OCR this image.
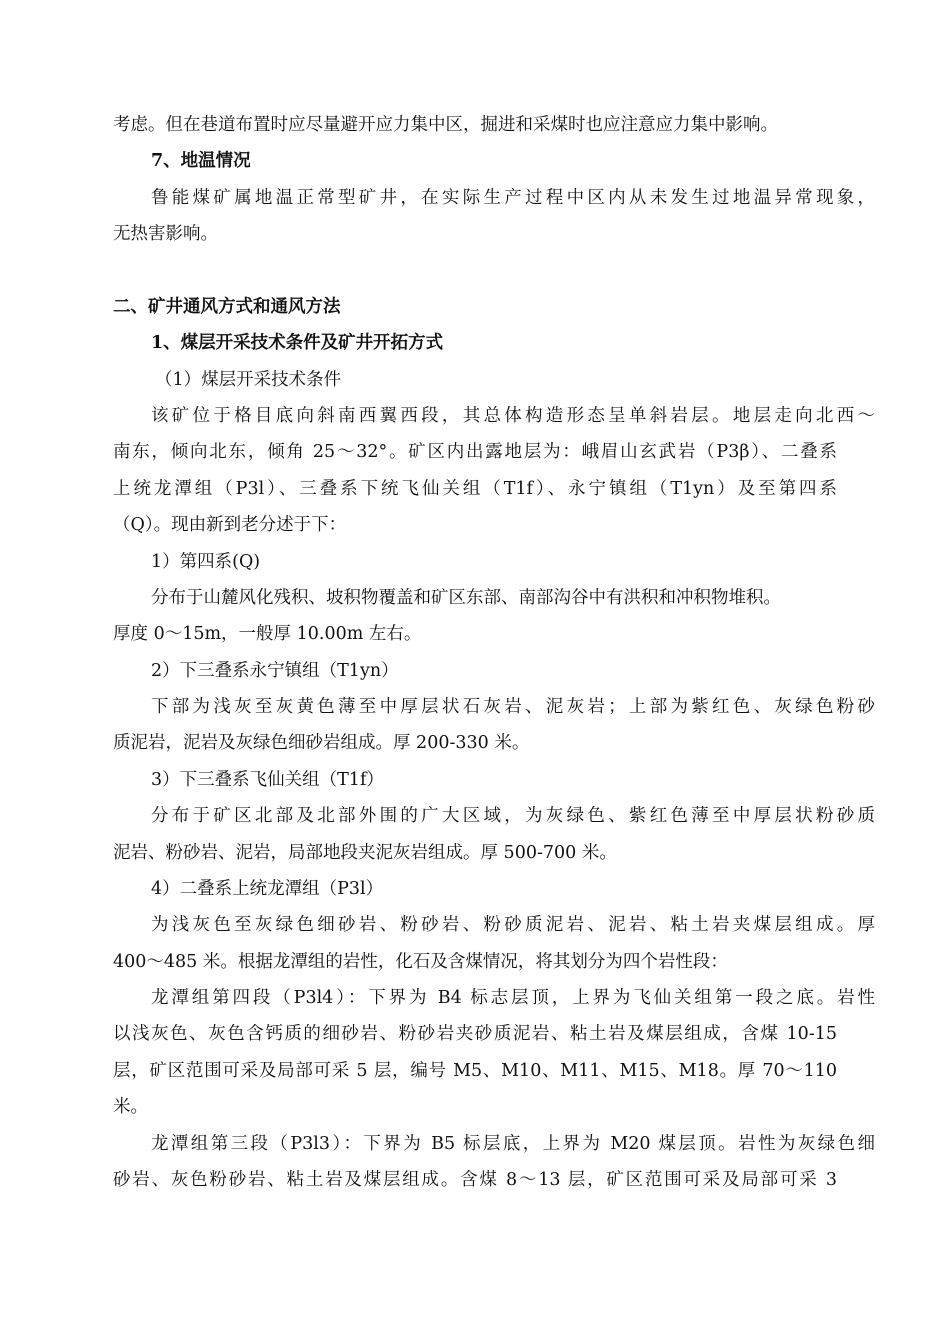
考虑。但在巷道布置时应尽量避开应力集中区，掘进和采煤时也应注意应力集中影响。
7、地温情况
鲁能煤矿属地温正常型矿井，在实际生产过程中区内从未发生过地温异常现象，
无热害影响。
二、矿井通风方式和通风方法
1、煤层开采技术条件及矿井开拓方式
（1）煤层开采技术条件
该矿位于格目底向斜南西翼西段，其总体构造形态呈单斜岩层。地层走向北西～
南东，倾向北东，倾角 25～32°。矿区内出露地层为：峨眉山玄武岩（P3β）、二叠系
上统龙潭组（P3l）、三叠系下统飞仙关组（T1f）、永宁镇组（T1yn）及至第四系
（Q）。现由新到老分述于下：
1）第四系(Q)
分布于山麓风化残积、坡积物覆盖和矿区东部、南部沟谷中有洪积和冲积物堆积。
厚度 0～15m，一般厚 10.00m 左右。
2）下三叠系永宁镇组（T1yn）
下部为浅灰至灰黄色薄至中厚层状石灰岩、泥灰岩；上部为紫红色、灰绿色粉砂
质泥岩，泥岩及灰绿色细砂岩组成。厚 200-330 米。
3）下三叠系飞仙关组（T1f）
分布于矿区北部及北部外围的广大区域，为灰绿色、紫红色薄至中厚层状粉砂质
泥岩、粉砂岩、泥岩，局部地段夹泥灰岩组成。厚 500-700 米。
4）二叠系上统龙潭组（P3l）
为浅灰色至灰绿色细砂岩、粉砂岩、粉砂质泥岩、泥岩、粘土岩夹煤层组成。厚
400～485 米。根据龙潭组的岩性，化石及含煤情况，将其划分为四个岩性段：
龙潭组第四段（P3l4）：下界为 B4 标志层顶，上界为飞仙关组第一段之底。岩性
以浅灰色、灰色含钙质的细砂岩、粉砂岩夹砂质泥岩、粘土岩及煤层组成，含煤 10-15
层，矿区范围可采及局部可采 5 层，编号 M5、M10、M11、M15、M18。厚 70～110
米。
龙潭组第三段（P3l3）：下界为 B5 标层底，上界为 M20 煤层顶。岩性为灰绿色细
砂岩、灰色粉砂岩、粘土岩及煤层组成。含煤 8～13 层，矿区范围可采及局部可采 3
